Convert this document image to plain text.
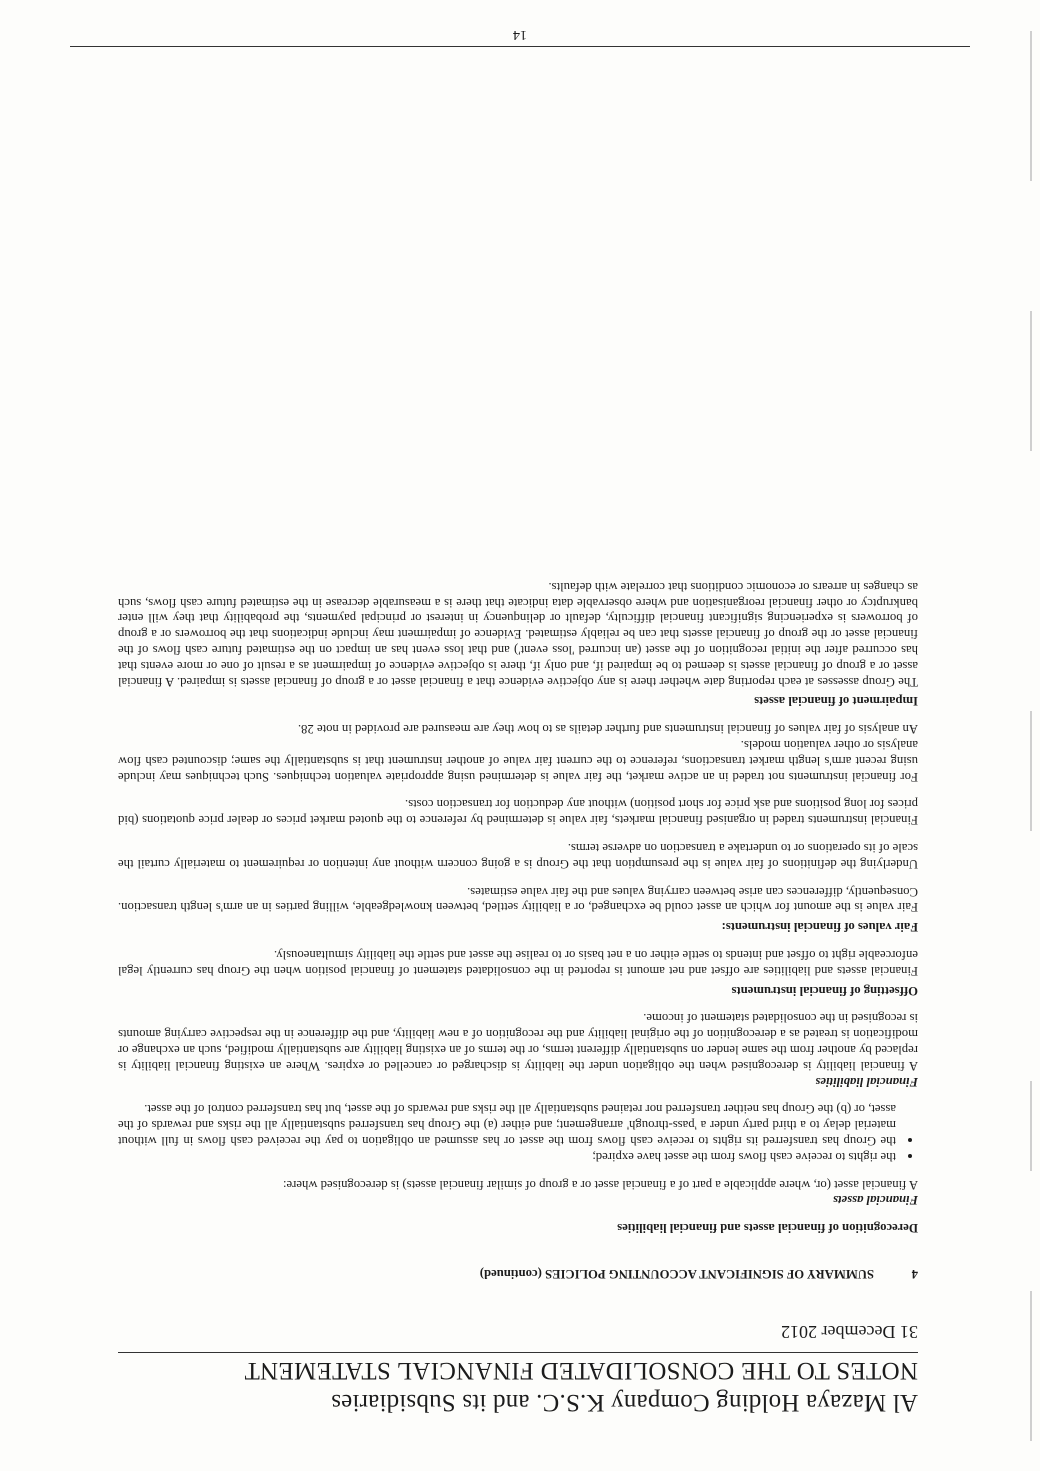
Al Mazaya Holding Company K.S.C. and its Subsidiaries
NOTES TO THE CONSOLIDATED FINANCIAL STATEMENT
31 December 2012
4
SUMMARY OF SIGNIFICANT ACCOUNTING POLICIES (continued)
Derecognition of financial assets and financial liabilities

Financial assets

A financial asset (or, where applicable a part of a financial asset or a group of similar financial assets) is derecognised where:

• the rights to receive cash flows from the asset have expired;
• the Group has transferred its rights to receive cash flows from the asset or has assumed an obligation to pay the received cash flows in full without material delay to a third party under a 'pass-through' arrangement; and either (a) the Group has transferred substantially all the risks and rewards of the asset, or (b) the Group has neither transferred nor retained substantially all the risks and rewards of the asset, but has transferred control of the asset.

Financial liabilities

A financial liability is derecognised when the obligation under the liability is discharged or cancelled or expires. Where an existing financial liability is replaced by another from the same lender on substantially different terms, or the terms of an existing liability are substantially modified, such an exchange or modification is treated as a derecognition of the original liability and the recognition of a new liability, and the difference in the respective carrying amounts is recognised in the consolidated statement of income.

Offsetting of financial instruments

Financial assets and liabilities are offset and net amount is reported in the consolidated statement of financial position when the Group has currently legal enforceable right to offset and intends to settle either on a net basis or to realise the asset and settle the liability simultaneously.

Fair values of financial instruments:

Fair value is the amount for which an asset could be exchanged, or a liability settled, between knowledgeable, willing parties in an arm's length transaction. Consequently, differences can arise between carrying values and the fair value estimates.

Underlying the definitions of fair value is the presumption that the Group is a going concern without any intention or requirement to materially curtail the scale of its operations or to undertake a transaction on adverse terms.

Financial instruments traded in organised financial markets, fair value is determined by reference to the quoted market prices or dealer price quotations (bid prices for long positions and ask price for short position) without any deduction for transaction costs.

For financial instruments not traded in an active market, the fair value is determined using appropriate valuation techniques. Such techniques may include using recent arm's length market transactions, reference to the current fair value of another instrument that is substantially the same; discounted cash flow analysis or other valuation models.

An analysis of fair values of financial instruments and further details as to how they are measured are provided in note 28.

Impairment of financial assets

The Group assesses at each reporting date whether there is any objective evidence that a financial asset or a group of financial assets is impaired. A financial asset or a group of financial assets is deemed to be impaired if, and only if, there is objective evidence of impairment as a result of one or more events that has occurred after the initial recognition of the asset (an incurred 'loss event') and that loss event has an impact on the estimated future cash flows of the financial asset or the group of financial assets that can be reliably estimated. Evidence of impairment may include indications that the borrowers or a group of borrowers is experiencing significant financial difficulty, default or delinquency in interest or principal payments, the probability that they will enter bankruptcy or other financial reorganisation and where observable data indicate that there is a measurable decrease in the estimated future cash flows, such as changes in arrears or economic conditions that correlate with defaults.

14
